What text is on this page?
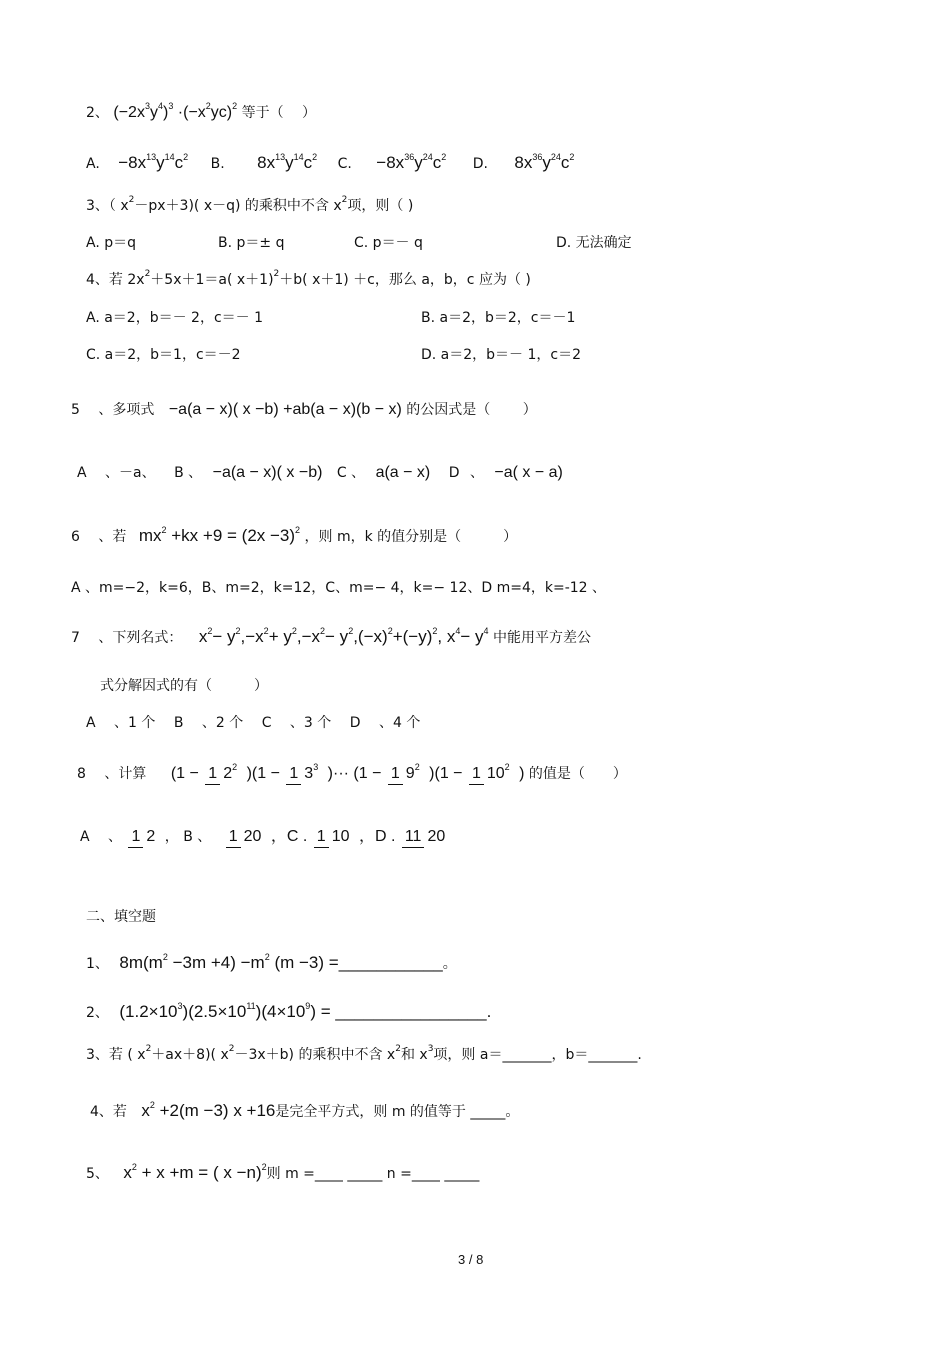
2、 $(-2x^3y^4)^3 \cdot(-x^2yc)^2$ 等于（　 ）
A. $-8x^{13}y^{14}c^2$ B. $8x^{13}y^{14}c^2$ C. $-8x^{36}y^{24}c^2$ D. $8x^{36}y^{24}c^2$
3、（ $x^2-px+3$)( x－q) 的乘积中不含 $x^2$项，则（ )
A. p＝q	B. p＝± q	C. p＝－ q	D. 无法确定
4、若 $2x^2+5x+1=a$( x＋1)$^2$＋b( x＋1) ＋c，那么 a，b，c 应为（ )
A. a＝2，b＝－ 2，c＝－ 1	B. a＝2，b＝2，c＝－1
C. a＝2，b＝1，c＝－2	D. a＝2，b＝－ 1，c＝2
5 、多项式 −a(a − x)( x −b) +ab(a − x)(b − x) 的公因式是（　　 ）
A 、－a、 B 、 −a(a − x)( x −b) C 、 a(a − x) D 、 −a( x − a)
6 、若 $mx^2 +kx +9 = (2x -3)^2$ ，则 m，k 的值分别是（　　　）
A 、m=−2，k=6，B、m=2，k=12，C、m=− 4，k=− 12、D m=4，k=-12 、
7 、下列名式： $x^2- y^2,-x^2+ y^2,-x^2- y^2,(-x)^2+(-y)^2$, $x^4- y^4$ 中能用平方差公
式分解因式的有（　　　）
A 　、1 个　 B 　、2 个　 C 　、3 个　 D 　、4 个
8 、计算 (1 − 1 $2^2$ )(1 − 1 $3^3$ )··· (1 − 1 $9^2$ )(1 − 1 $10^2$ ) 的值是（　　）
A 、 1 2 ， B 、 1 20 ，C . 1 10 ，D . 11 20
二、填空题
1、 $8m(m^2 -3m +4) -m^2$ (m −3) =___________。
2、 $(1.2\times 10^3)(2.5\times 10^{11})(4\times 10^9)$ = ________________.
3、若 ( $x^2+ax+8$)( $x^2-3x+b$) 的乘积中不含 $x^2$和 $x^3$项，则 a＝_______，b＝_______.
4、若 $x^2 +2(m -3)$ x +16是完全平方式，则 m 的值等于 _____。
5、 $x^2 + x +m$ = ( x −n)$^2$则 m =____ _____ n =____ _____
3 / 8
